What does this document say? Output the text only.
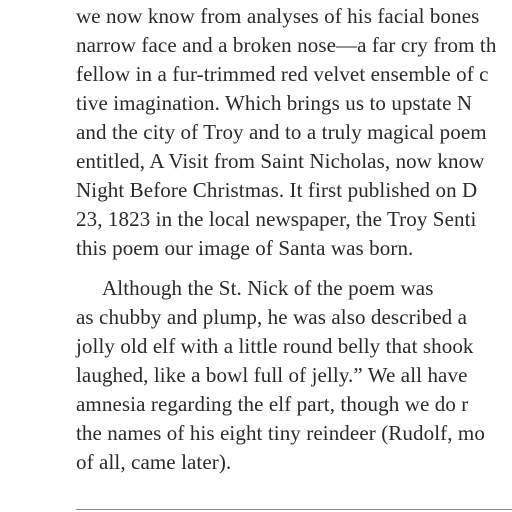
we now know from analyses of his facial bones
narrow face and a broken nose—a far cry from th
fellow in a fur-trimmed red velvet ensemble of c
tive imagination. Which brings us to upstate N
and the city of Troy and to a truly magical poem
entitled, A Visit from Saint Nicholas, now know
Night Before Christmas. It first published on D
23, 1823 in the local newspaper, the Troy Senti
this poem our image of Santa was born.
Although the St. Nick of the poem was
as chubby and plump, he was also described a
jolly old elf with a little round belly that shook
laughed, like a bowl full of jelly.” We all have
amnesia regarding the elf part, though we do r
the names of his eight tiny reindeer (Rudolf, mo
of all, came later).
